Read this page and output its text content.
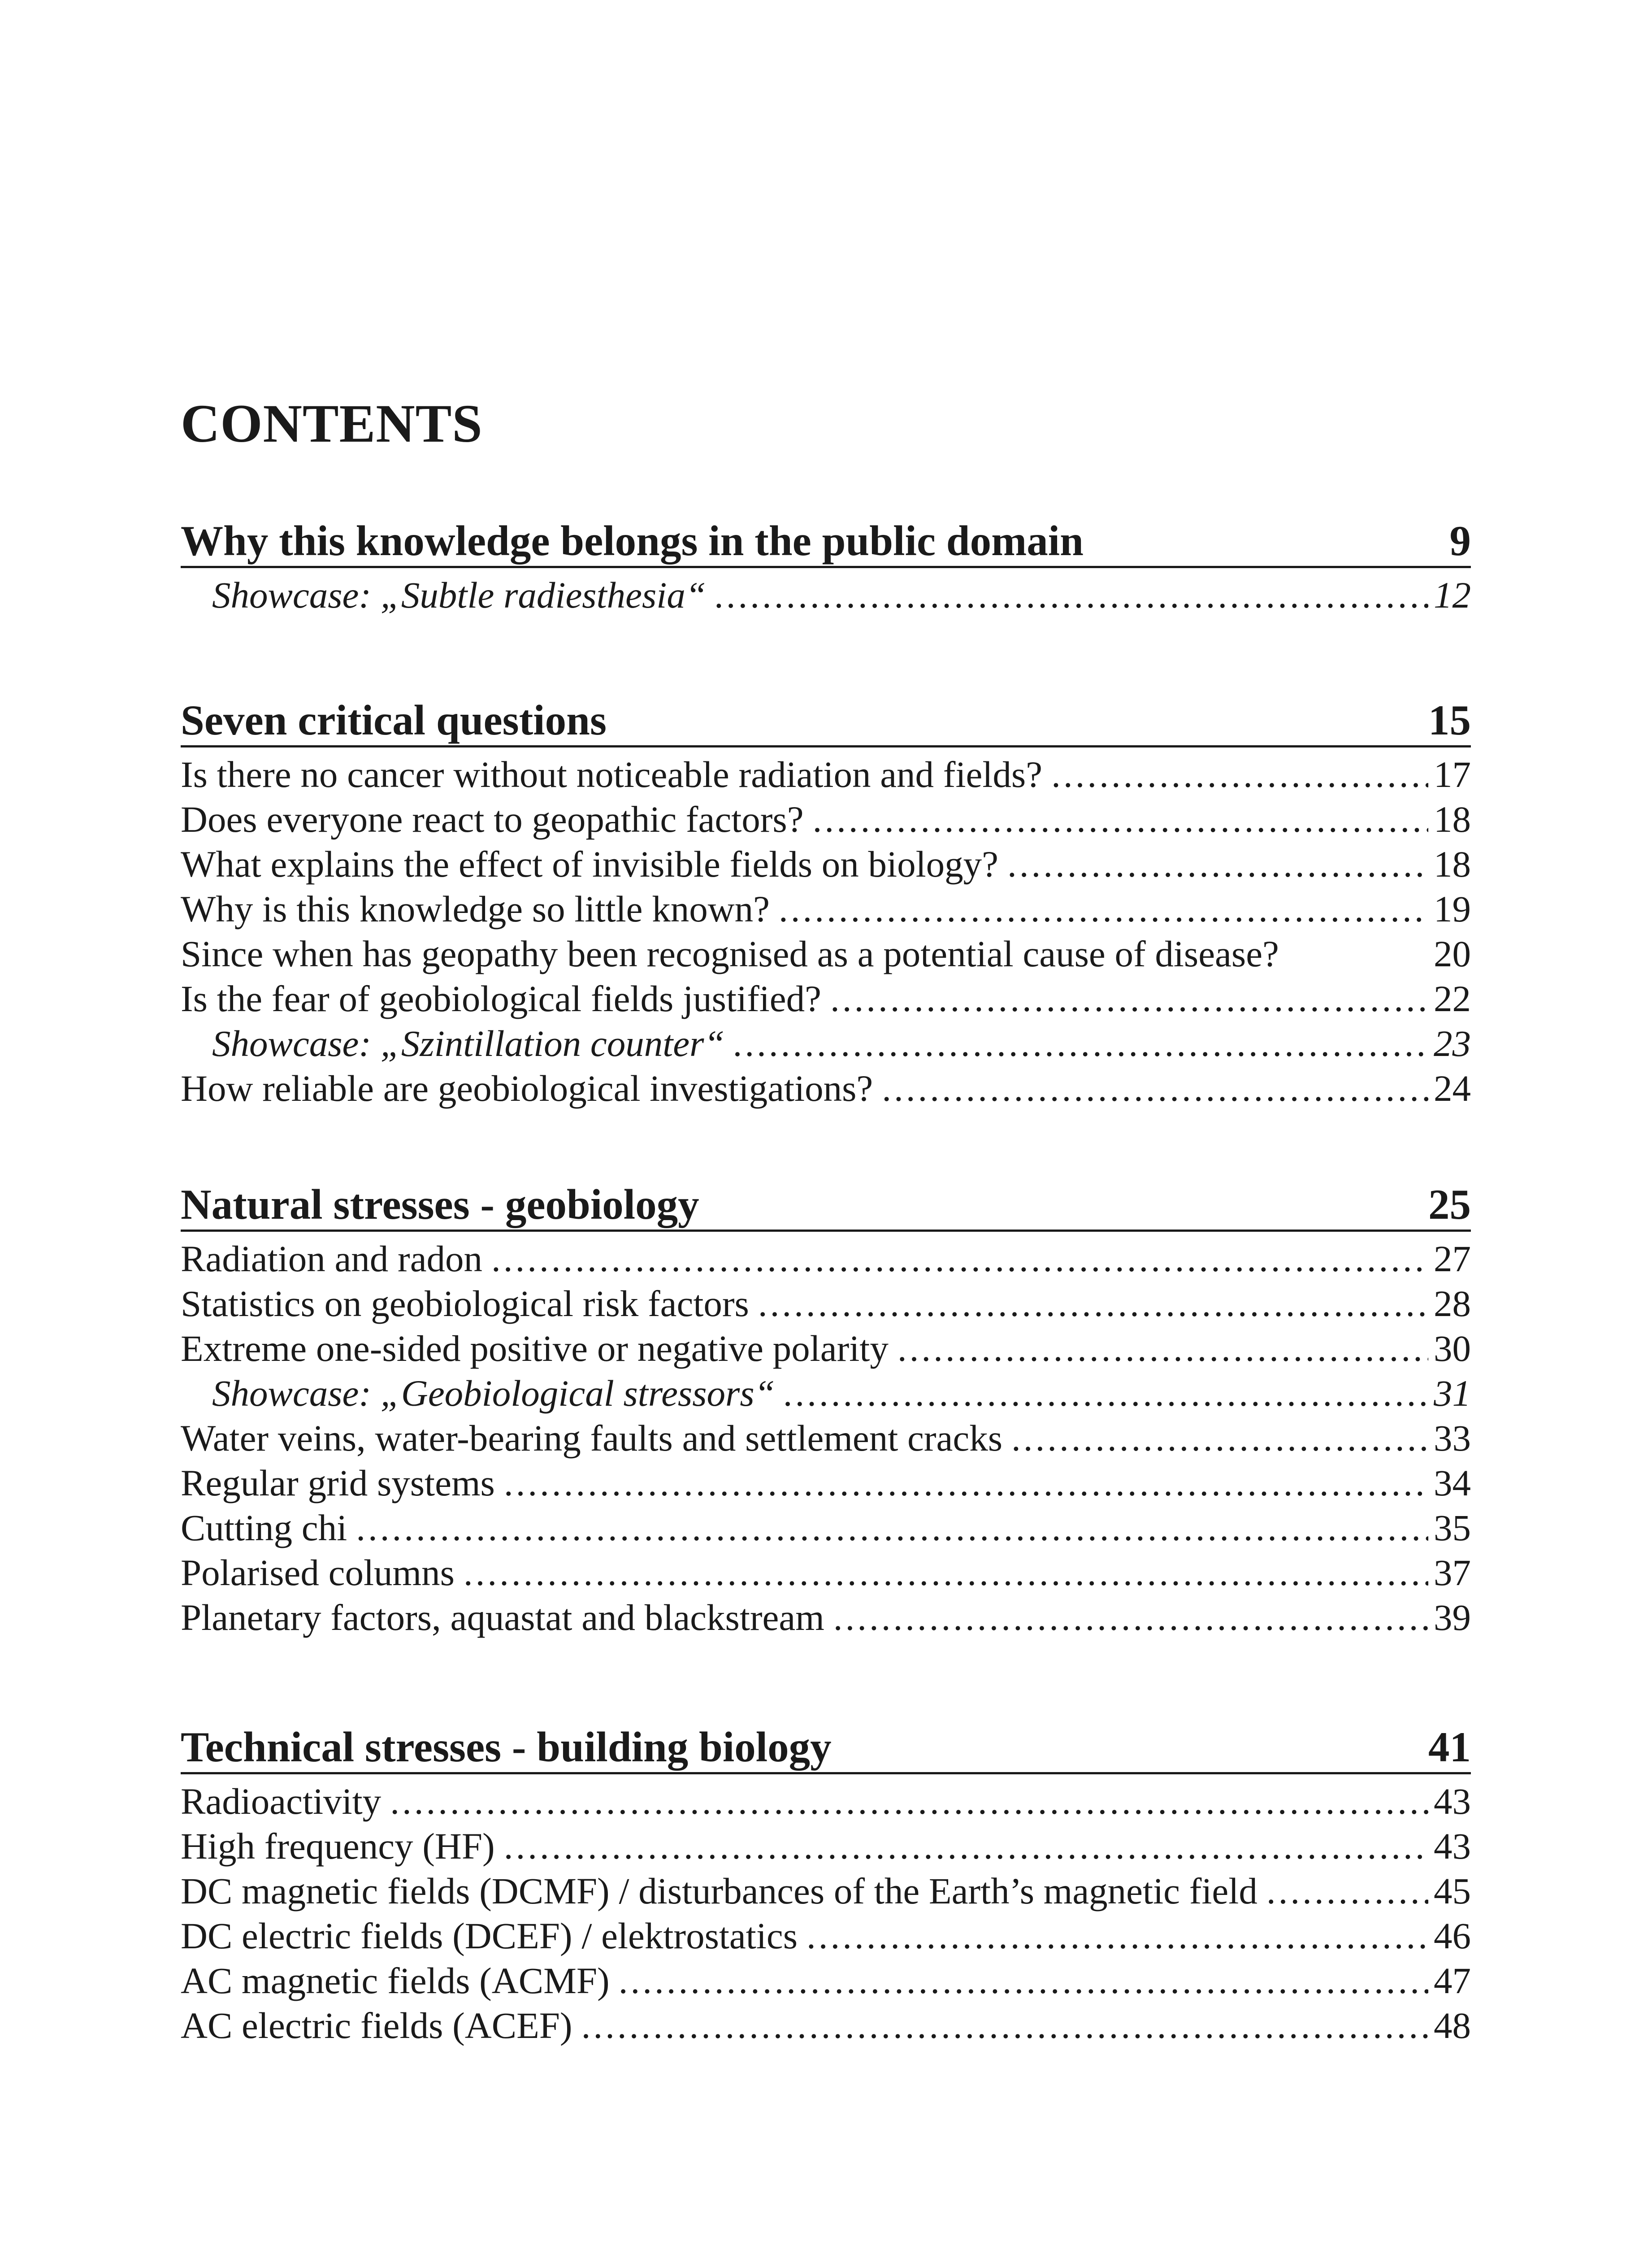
CONTENTS
Why this knowledge belongs in the public domain	9
Showcase: „Subtle radiesthesia“ .....	12
Seven critical questions	15
Is there no cancer without noticeable radiation and fields? .....	17
Does everyone react to geopathic factors? .....	18
What explains the effect of invisible fields on biology? .....	18
Why is this knowledge so little known? .....	19
Since when has geopathy been recognised as a potential cause of disease?	20
Is the fear of geobiological fields justified? .....	22
Showcase: „Szintillation counter“ .....	23
How reliable are geobiological investigations? .....	24
Natural stresses - geobiology	25
Radiation and radon .....	27
Statistics on geobiological risk factors .....	28
Extreme one-sided positive or negative polarity .....	30
Showcase: „Geobiological stressors“ .....	31
Water veins, water-bearing faults and settlement cracks .....	33
Regular grid systems .....	34
Cutting chi .....	35
Polarised columns .....	37
Planetary factors, aquastat and blackstream .....	39
Technical stresses - building biology	41
Radioactivity .....	43
High frequency (HF) .....	43
DC magnetic fields (DCMF) / disturbances of the Earth’s magnetic field .....	45
DC electric fields (DCEF) / elektrostatics .....	46
AC magnetic fields (ACMF) .....	47
AC electric fields (ACEF) .....	48
